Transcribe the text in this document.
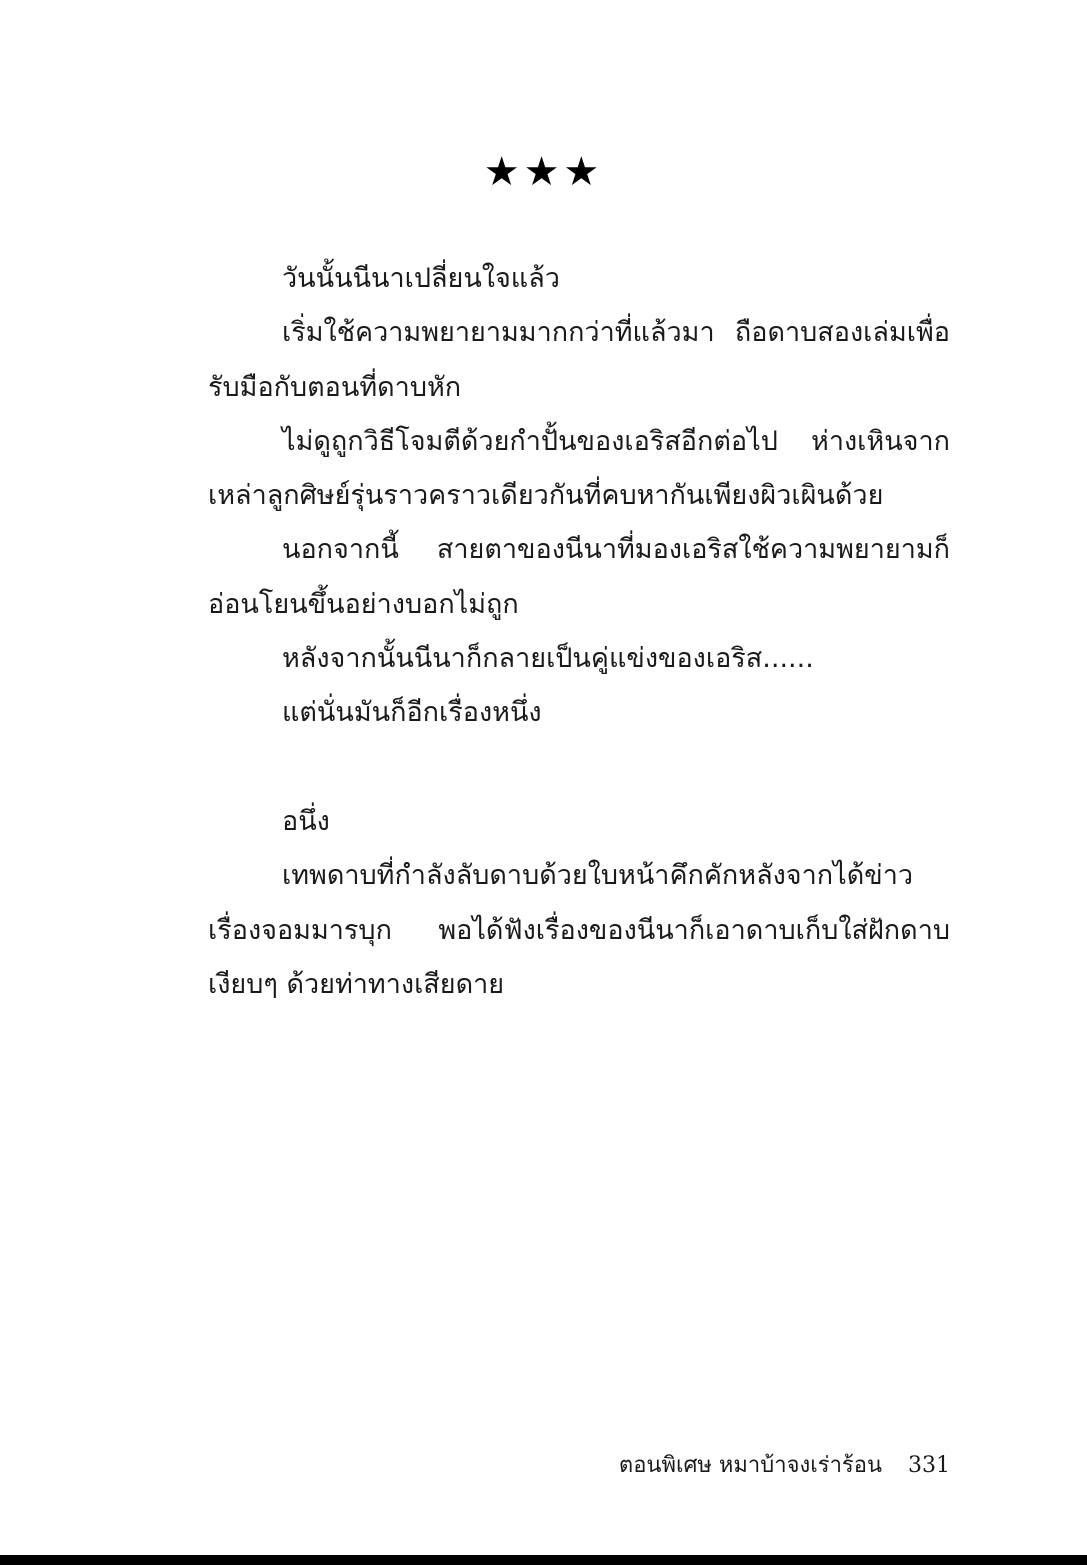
★★★

วันนั้นนีนาเปลี่ยนใจแล้ว

เริ่มใช้ความพยายามมากกว่าที่แล้วมา ถือดาบสองเล่มเพื่อรับมือกับตอนที่ดาบหัก

ไม่ดูถูกวิธีโจมตีด้วยกำปั้นของเอริสอีกต่อไป ห่างเหินจากเหล่าลูกศิษย์รุ่นราวคราวเดียวกันที่คบหากันเพียงผิวเผินด้วย

นอกจากนี้ สายตาของนีนาที่มองเอริสใช้ความพยายามก็อ่อนโยนขึ้นอย่างบอกไม่ถูก

หลังจากนั้นนีนาก็กลายเป็นคู่แข่งของเอริส......

แต่นั่นมันก็อีกเรื่องหนึ่ง

อนึ่ง

เทพดาบที่กำลังลับดาบด้วยใบหน้าคึกคักหลังจากได้ข่าวเรื่องจอมมารบุก พอได้ฟังเรื่องของนีนาก็เอาดาบเก็บใส่ฝักดาบเงียบๆ ด้วยท่าทางเสียดาย

ตอนพิเศษ หมาบ้าจงเร่าร้อน 331
